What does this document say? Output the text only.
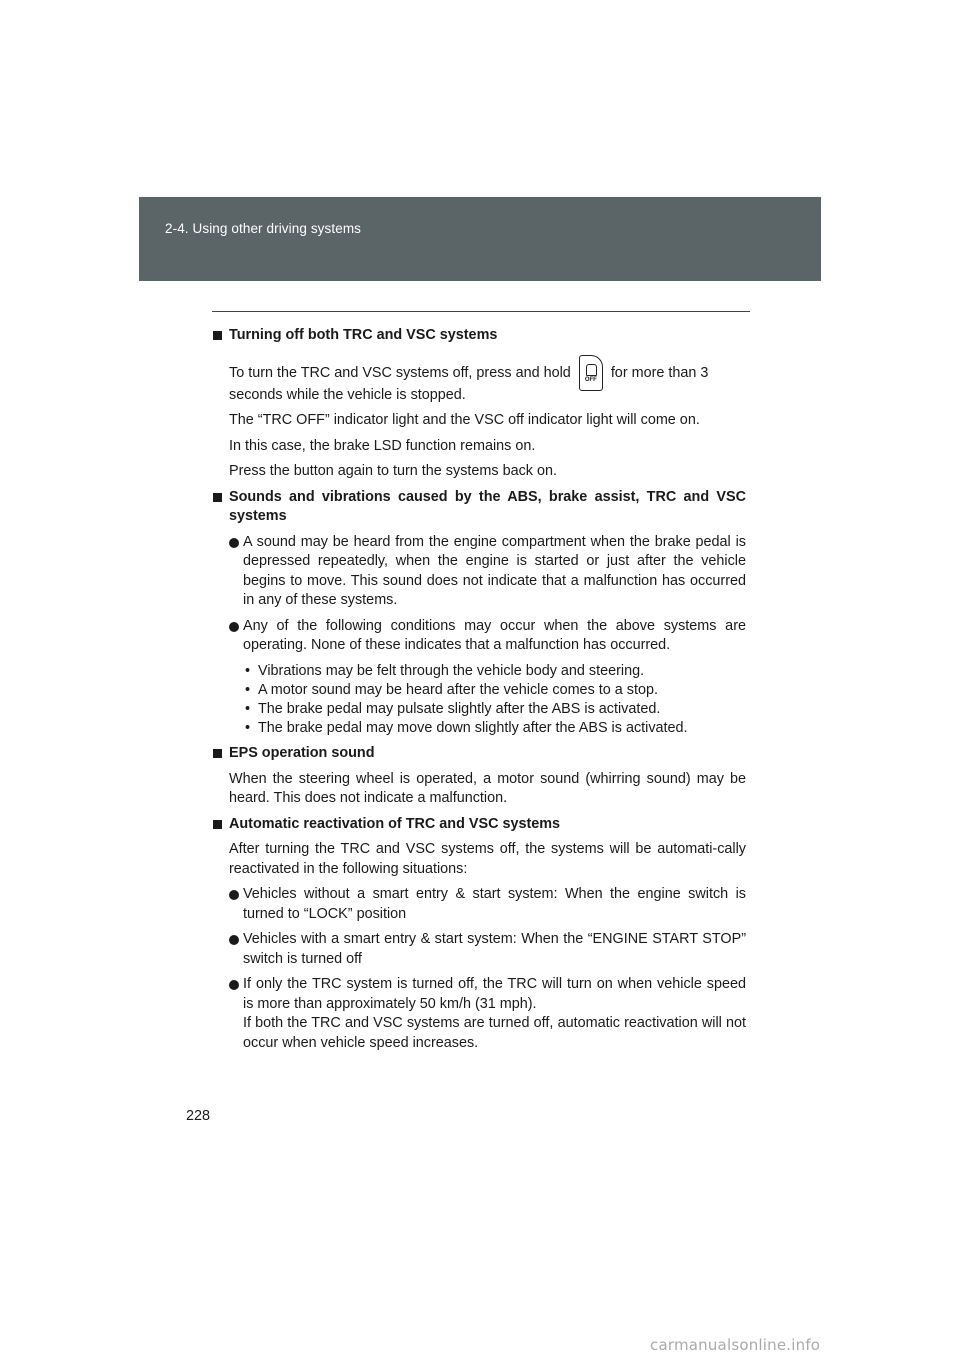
2-4. Using other driving systems
Turning off both TRC and VSC systems

To turn the TRC and VSC systems off, press and hold	OFF for more than 3

seconds while the vehicle is stopped.

The “TRC OFF” indicator light and the VSC off indicator light will come on.

In this case, the brake LSD function remains on.

Press the button again to turn the systems back on.

Sounds and vibrations caused by the ABS, brake assist, TRC and VSC systems
A sound may be heard from the engine compartment when the brake pedal is depressed repeatedly, when the engine is started or just after the vehicle begins to move. This sound does not indicate that a malfunction has occurred in any of these systems.
Any of the following conditions may occur when the above systems are operating. None of these indicates that a malfunction has occurred.
• Vibrations may be felt through the vehicle body and steering.
• A motor sound may be heard after the vehicle comes to a stop.
• The brake pedal may pulsate slightly after the ABS is activated.
• The brake pedal may move down slightly after the ABS is activated.
EPS operation sound

When the steering wheel is operated, a motor sound (whirring sound) may be heard. This does not indicate a malfunction.

Automatic reactivation of TRC and VSC systems

After turning the TRC and VSC systems off, the systems will be automati-cally reactivated in the following situations:

Vehicles without a smart entry & start system: When the engine switch is turned to “LOCK” position
Vehicles with a smart entry & start system: When the “ENGINE START STOP” switch is turned off
If only the TRC system is turned off, the TRC will turn on when vehicle speed is more than approximately 50 km/h (31 mph).
If both the TRC and VSC systems are turned off, automatic reactivation will not occur when vehicle speed increases.
228
carmanualsonline.info
